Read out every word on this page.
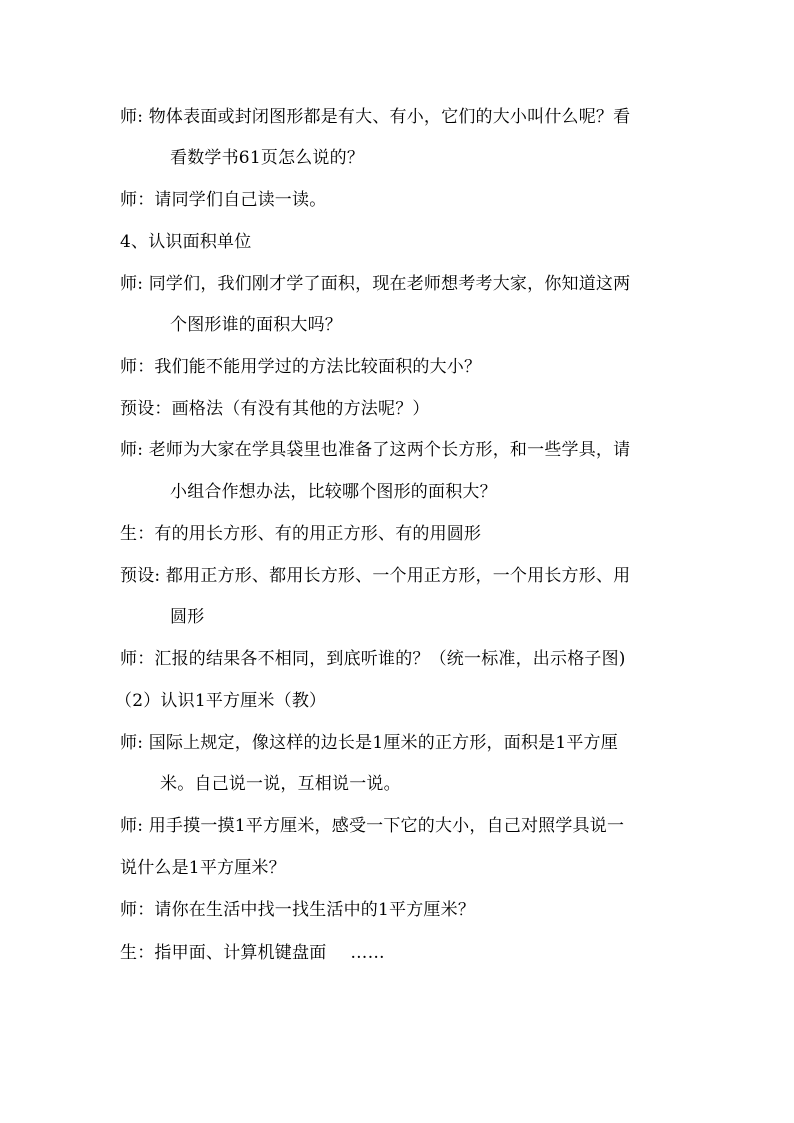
师: 物体表面或封闭图形都是有大、有小，它们的大小叫什么呢？看
看数学书61页怎么说的？
师：请同学们自己读一读。
4、认识面积单位
师: 同学们，我们刚才学了面积，现在老师想考考大家，你知道这两
个图形谁的面积大吗？
师：我们能不能用学过的方法比较面积的大小？
预设：画格法（有没有其他的方法呢？）
师: 老师为大家在学具袋里也准备了这两个长方形，和一些学具，请
小组合作想办法，比较哪个图形的面积大？
生：有的用长方形、有的用正方形、有的用圆形
预设: 都用正方形、都用长方形、一个用正方形，一个用长方形、用
圆形
师：汇报的结果各不相同，到底听谁的？（统一标准，出示格子图)
（2）认识1平方厘米（教）
师: 国际上规定，像这样的边长是1厘米的正方形，面积是1平方厘
米。自己说一说，互相说一说。
师: 用手摸一摸1平方厘米，感受一下它的大小，自己对照学具说一
说什么是1平方厘米？
师：请你在生活中找一找生活中的1平方厘米？
生：指甲面、计算机键盘面 ……
